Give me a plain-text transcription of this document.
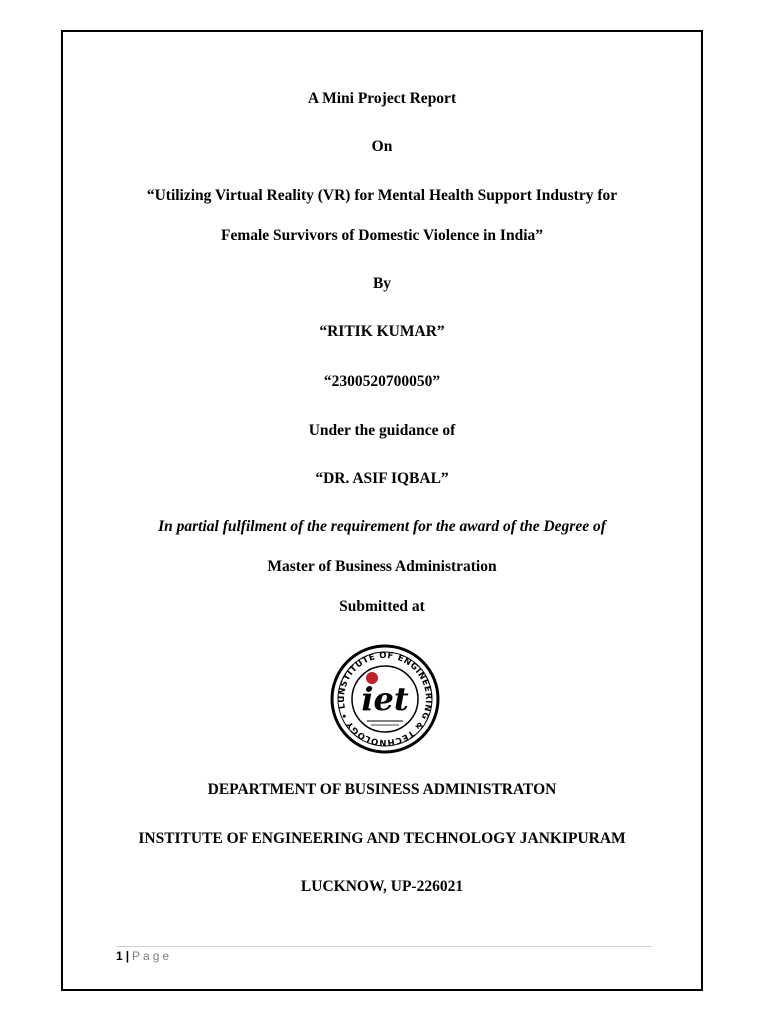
A Mini Project Report
On
“Utilizing Virtual Reality (VR) for Mental Health Support Industry for
Female Survivors of Domestic Violence in India”
By
“RITIK KUMAR”
“2300520700050”
Under the guidance of
“DR. ASIF IQBAL”
In partial fulfilment of the requirement for the award of the Degree of
Master of Business Administration
Submitted at
INSTITUTE OF ENGINEERING & TECHNOLOGY • LU iet
DEPARTMENT OF BUSINESS ADMINISTRATON
INSTITUTE OF ENGINEERING AND TECHNOLOGY JANKIPURAM
LUCKNOW, UP-226021
1 | Page
